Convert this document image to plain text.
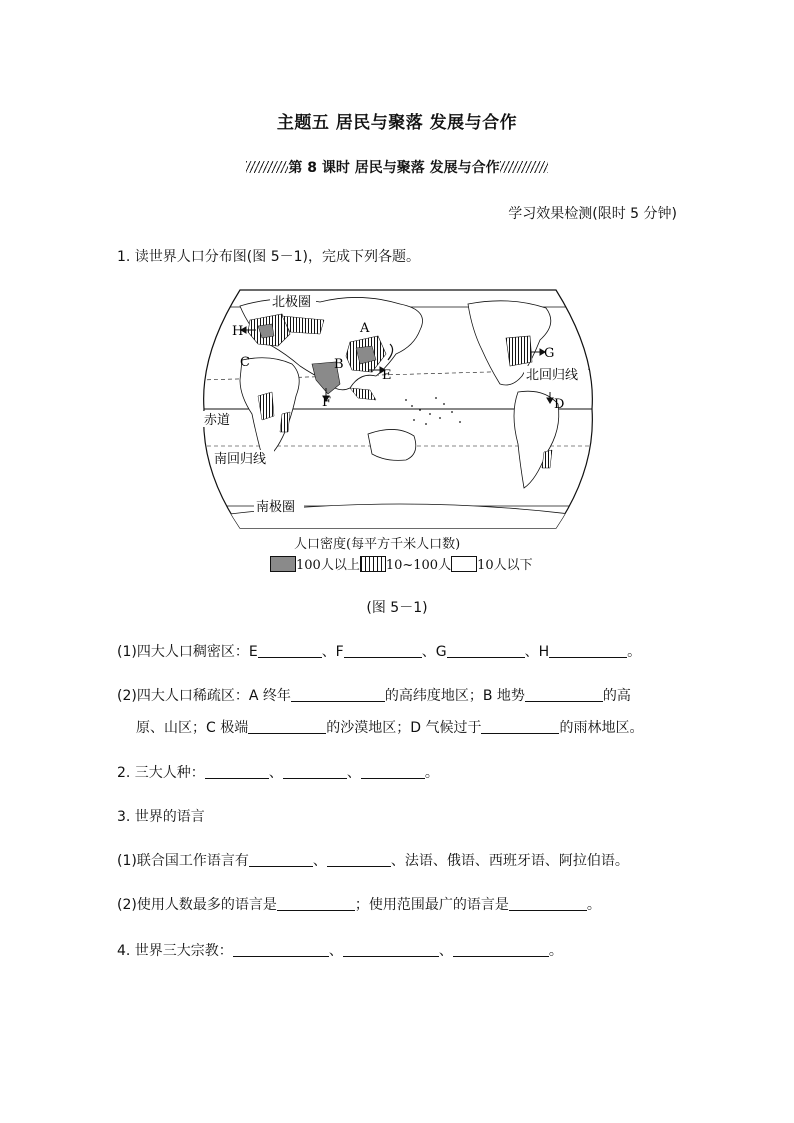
主题五 居民与聚落 发展与合作
第 8 课时 居民与聚落 发展与合作
学习效果检测(限时 5 分钟)
1. 读世界人口分布图(图 5－1)，完成下列各题。
北极圈
北回归线
赤道
南回归线
南极圈
A
B
C
D
E
F
G
H
人口密度(每平方千米人口数)
100人以上 10~100人 10人以下
(图 5－1)
(1)四大人口稠密区：E	、F	、G	、H	。
(2)四大人口稀疏区：A 终年	的高纬度地区；B 地势	的高
原、山区；C 极端	的沙漠地区；D 气候过于	的雨林地区。
2. 三大人种：	、	、	。
3. 世界的语言
(1)联合国工作语言有	、	、法语、俄语、西班牙语、阿拉伯语。
(2)使用人数最多的语言是	；使用范围最广的语言是	。
4. 世界三大宗教：	、	、	。
